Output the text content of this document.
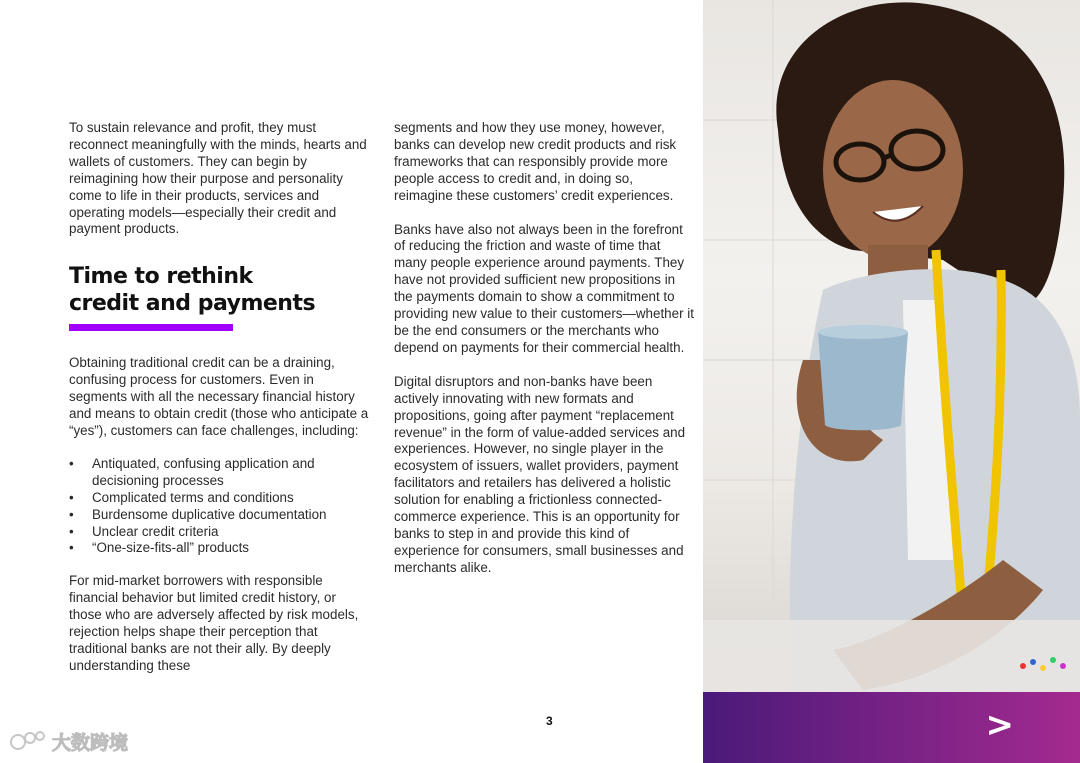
To sustain relevance and profit, they must reconnect meaningfully with the minds, hearts and wallets of customers. They can begin by reimagining how their purpose and personality come to life in their products, services and operating models—especially their credit and payment products.

Time to rethink
credit and payments

Obtaining traditional credit can be a draining, confusing process for customers. Even in segments with all the necessary financial history and means to obtain credit (those who anticipate a “yes”), customers can face challenges, including:

• Antiquated, confusing application and decisioning processes
• Complicated terms and conditions
• Burdensome duplicative documentation
• Unclear credit criteria
• “One-size-fits-all” products

For mid-market borrowers with responsible financial behavior but limited credit history, or those who are adversely affected by risk models, rejection helps shape their perception that traditional banks are not their ally. By deeply understanding these

segments and how they use money, however, banks can develop new credit products and risk frameworks that can responsibly provide more people access to credit and, in doing so, reimagine these customers’ credit experiences.

Banks have also not always been in the forefront of reducing the friction and waste of time that many people experience around payments. They have not provided sufficient new propositions in the payments domain to show a commitment to providing new value to their customers—whether it be the end consumers or the merchants who depend on payments for their commercial health.

Digital disruptors and non-banks have been actively innovating with new formats and propositions, going after payment “replacement revenue” in the form of value-added services and experiences. However, no single player in the ecosystem of issuers, wallet providers, payment facilitators and retailers has delivered a holistic solution for enabling a frictionless connected-commerce experience. This is an opportunity for banks to step in and provide this kind of experience for consumers, small businesses and merchants alike.

3	>
大数跨境
